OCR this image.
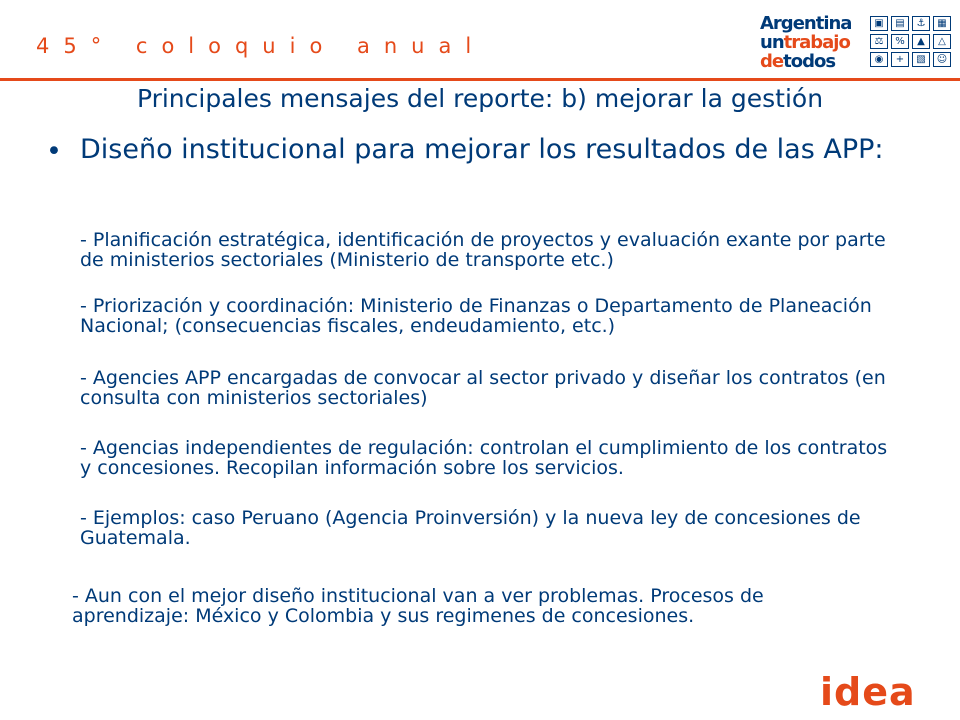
45° coloquio anual
Argentina
untrabajo
detodos
▣	▤	⚓	▦
⚖	%	▲	△
◉	+	▧	☺
Principales mensajes del reporte: b) mejorar la gestión
• Diseño institucional para mejorar los resultados de las APP:
- Planificación estratégica, identificación de proyectos y evaluación exante por parte de ministerios sectoriales (Ministerio de transporte etc.)
- Priorización y coordinación: Ministerio de Finanzas o Departamento de Planeación Nacional; (consecuencias fiscales, endeudamiento, etc.)
- Agencies APP encargadas de convocar al sector privado y diseñar los contratos (en consulta con ministerios sectoriales)
- Agencias independientes de regulación: controlan el cumplimiento de los contratos y concesiones. Recopilan información sobre los servicios.
- Ejemplos: caso Peruano (Agencia Proinversión) y la nueva ley de concesiones de Guatemala.
- Aun con el mejor diseño institucional van a ver problemas. Procesos de aprendizaje: México y Colombia y sus regimenes de concesiones.
idea
